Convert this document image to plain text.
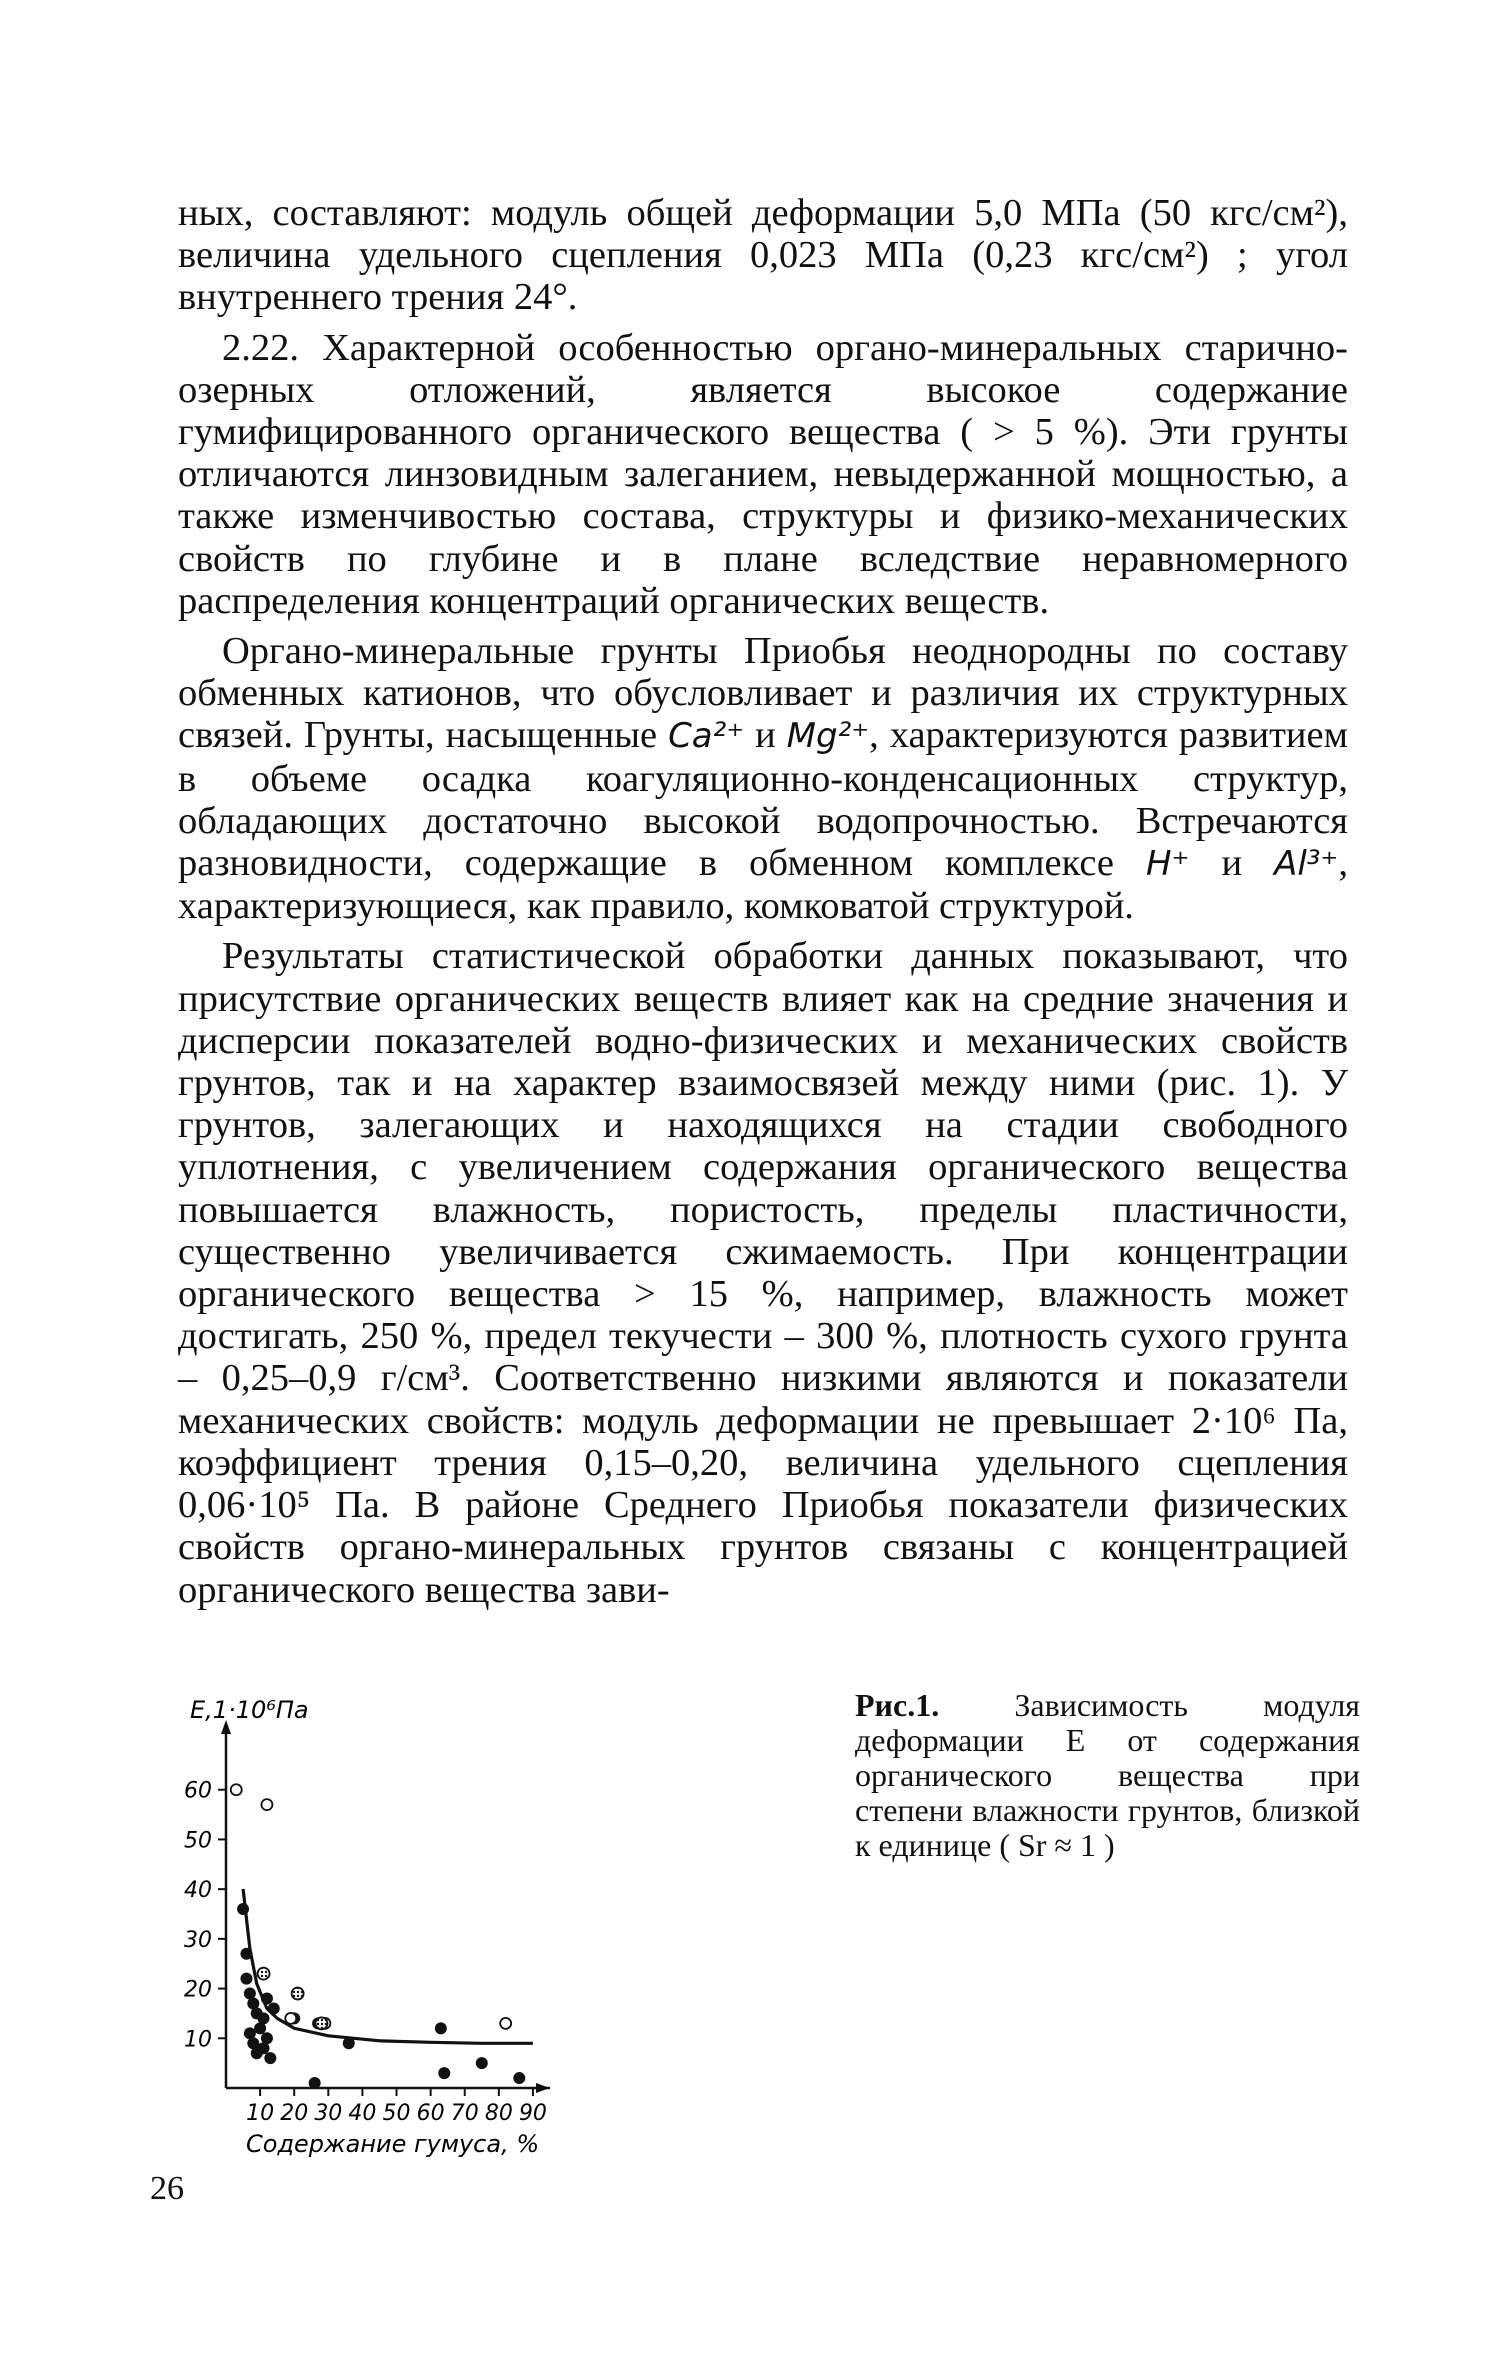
ных, составляют: модуль общей деформации 5,0 МПа (50 кгс/см²), величина удельного сцепления 0,023 МПа (0,23 кгс/см²) ; угол внутреннего трения 24°.

2.22. Характерной особенностью органо-минеральных старично-озерных отложений, является высокое содержание гумифицированного органического вещества ( > 5 %). Эти грунты отличаются линзовидным залеганием, невыдержанной мощностью, а также изменчивостью состава, структуры и физико-механических свойств по глубине и в плане вследствие неравномерного распределения концентраций органических веществ.

Органо-минеральные грунты Приобья неоднородны по составу обменных катионов, что обусловливает и различия их структурных связей. Грунты, насыщенные Ca²⁺ и Mg²⁺, характеризуются развитием в объеме осадка коагуляционно-конденсационных структур, обладающих достаточно высокой водопрочностью. Встречаются разновидности, содержащие в обменном комплексе H⁺ и Al³⁺, характеризующиеся, как правило, комковатой структурой.

Результаты статистической обработки данных показывают, что присутствие органических веществ влияет как на средние значения и дисперсии показателей водно-физических и механических свойств грунтов, так и на характер взаимосвязей между ними (рис. 1). У грунтов, залегающих и находящихся на стадии свободного уплотнения, с увеличением содержания органического вещества повышается влажность, пористость, пределы пластичности, существенно увеличивается сжимаемость. При концентрации органического вещества > 15 %, например, влажность может достигать, 250 %, предел текучести – 300 %, плотность сухого грунта – 0,25–0,9 г/см³. Соответственно низкими являются и показатели механических свойств: модуль деформации не превышает 2·10⁶ Па, коэффициент трения 0,15–0,20, величина удельного сцепления 0,06·10⁵ Па. В районе Среднего Приобья показатели физических свойств органо-минеральных грунтов связаны с концентрацией органического вещества зави-

10 20 30 40 50 60 70 80 90
10
20
30
40
50
60
E,1·10⁶Па
Содержание гумуса, %
Рис.1. Зависимость модуля деформации E от содержания органического вещества при степени влажности грунтов, близкой к единице ( Sr ≈ 1 )
26
